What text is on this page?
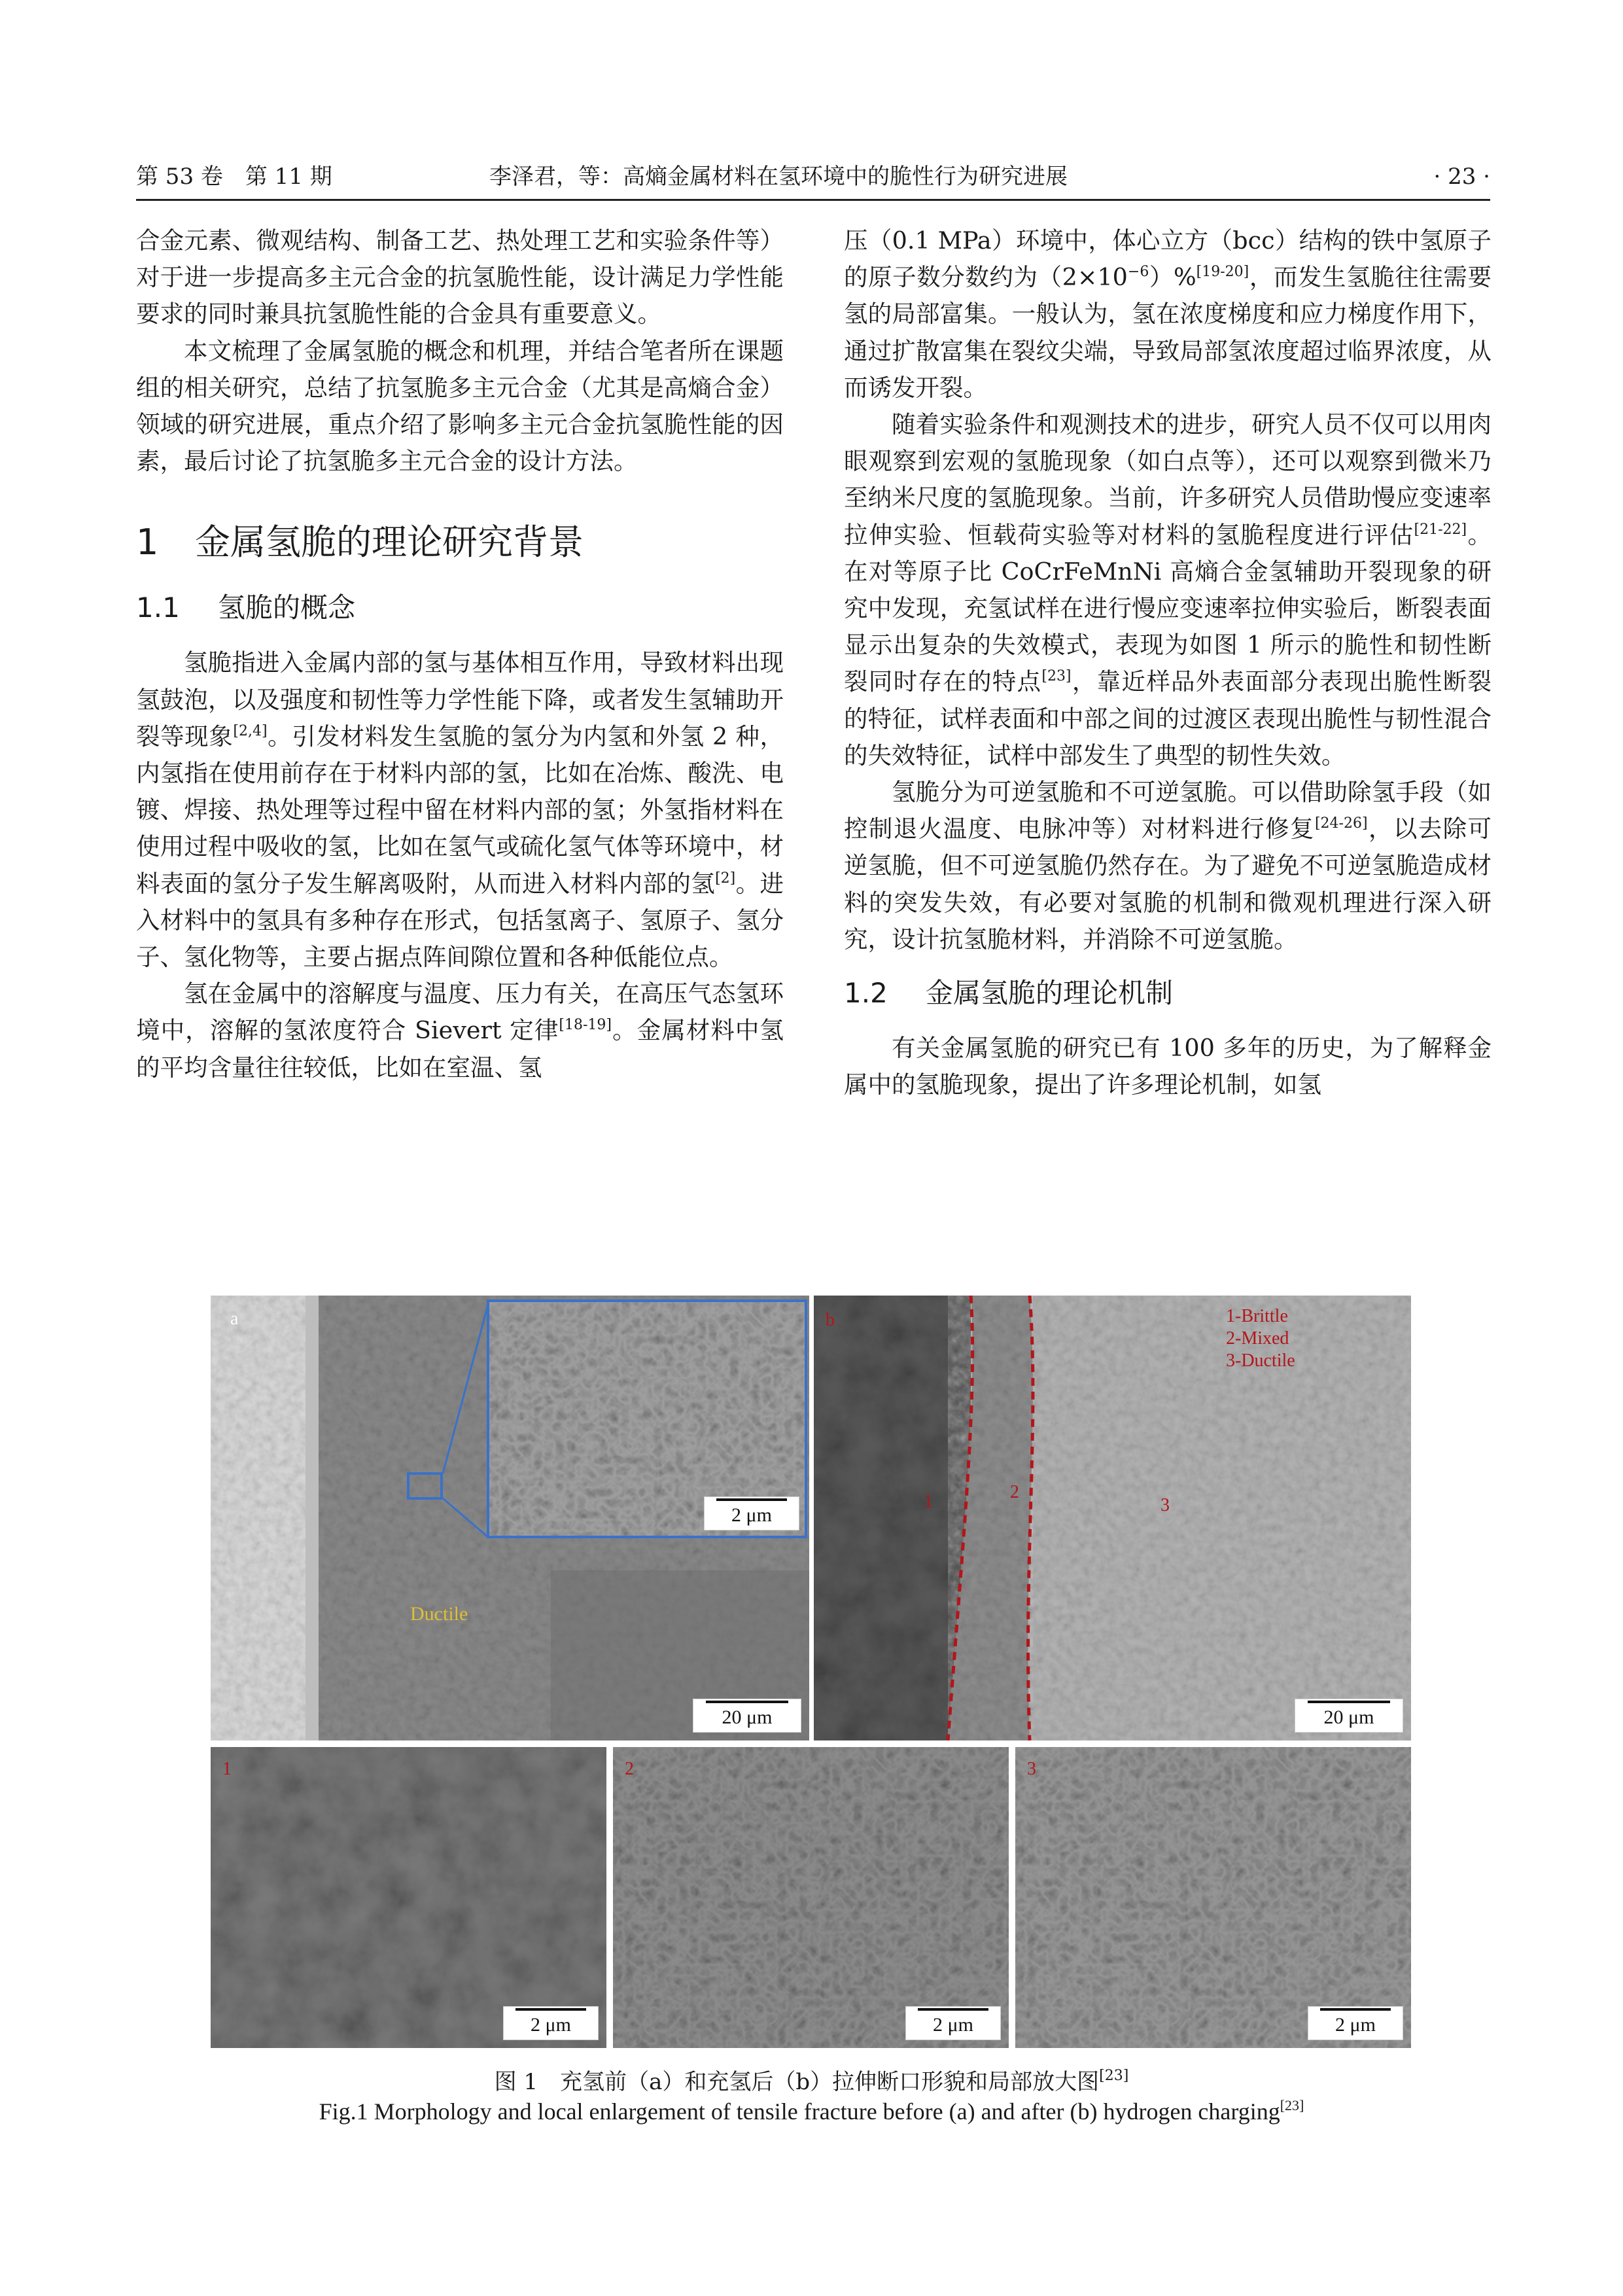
第 53 卷　第 11 期	李泽君，等：高熵金属材料在氢环境中的脆性行为研究进展	· 23 ·

合金元素、微观结构、制备工艺、热处理工艺和实验条件等）对于进一步提高多主元合金的抗氢脆性能，设计满足力学性能要求的同时兼具抗氢脆性能的合金具有重要意义。

本文梳理了金属氢脆的概念和机理，并结合笔者所在课题组的相关研究，总结了抗氢脆多主元合金（尤其是高熵合金）领域的研究进展，重点介绍了影响多主元合金抗氢脆性能的因素，最后讨论了抗氢脆多主元合金的设计方法。

1 金属氢脆的理论研究背景
1.1 氢脆的概念

氢脆指进入金属内部的氢与基体相互作用，导致材料出现氢鼓泡，以及强度和韧性等力学性能下降，或者发生氢辅助开裂等现象[2,4]。引发材料发生氢脆的氢分为内氢和外氢 2 种，内氢指在使用前存在于材料内部的氢，比如在冶炼、酸洗、电镀、焊接、热处理等过程中留在材料内部的氢；外氢指材料在使用过程中吸收的氢，比如在氢气或硫化氢气体等环境中，材料表面的氢分子发生解离吸附，从而进入材料内部的氢[2]。进入材料中的氢具有多种存在形式，包括氢离子、氢原子、氢分子、氢化物等，主要占据点阵间隙位置和各种低能位点。

氢在金属中的溶解度与温度、压力有关，在高压气态氢环境中，溶解的氢浓度符合 Sievert 定律[18-19]。金属材料中氢的平均含量往往较低，比如在室温、氢

压（0.1 MPa）环境中，体心立方（bcc）结构的铁中氢原子的原子数分数约为$(2\times 10^{-6})\%[19-20]$，而发生氢脆往往需要氢的局部富集。一般认为，氢在浓度梯度和应力梯度作用下，通过扩散富集在裂纹尖端，导致局部氢浓度超过临界浓度，从而诱发开裂。

随着实验条件和观测技术的进步，研究人员不仅可以用肉眼观察到宏观的氢脆现象（如白点等），还可以观察到微米乃至纳米尺度的氢脆现象。当前，许多研究人员借助慢应变速率拉伸实验、恒载荷实验等对材料的氢脆程度进行评估[21-22]。在对等原子比 CoCrFeMnNi 高熵合金氢辅助开裂现象的研究中发现，充氢试样在进行慢应变速率拉伸实验后，断裂表面显示出复杂的失效模式，表现为如图 1 所示的脆性和韧性断裂同时存在的特点[23]，靠近样品外表面部分表现出脆性断裂的特征，试样表面和中部之间的过渡区表现出脆性与韧性混合的失效特征，试样中部发生了典型的韧性失效。

氢脆分为可逆氢脆和不可逆氢脆。可以借助除氢手段（如控制退火温度、电脉冲等）对材料进行修复[24-26]，以去除可逆氢脆，但不可逆氢脆仍然存在。为了避免不可逆氢脆造成材料的突发失效，有必要对氢脆的机制和微观机理进行深入研究，设计抗氢脆材料，并消除不可逆氢脆。

1.2 金属氢脆的理论机制

有关金属氢脆的研究已有 100 多年的历史，为了解释金属中的氢脆现象，提出了许多理论机制，如氢

a
2 μm
Ductile
20 μm
b	1-Brittle
2-Mixed
3-Ductile
1	2
3
20 μm
1
2 μm
2
2 μm
3
2 μm
图 1　充氢前（a）和充氢后（b）拉伸断口形貌和局部放大图[23]
Fig.1 Morphology and local enlargement of tensile fracture before (a) and after (b) hydrogen charging[23]
